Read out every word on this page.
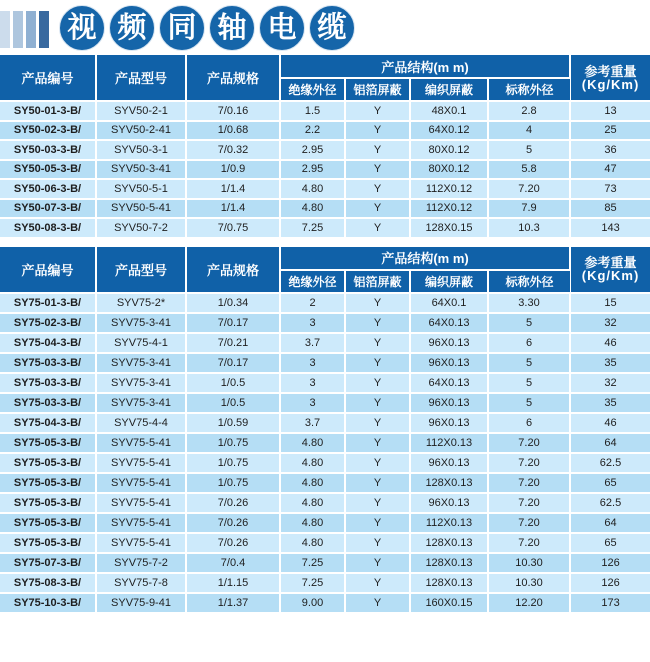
视 频 同 轴 电 缆
产品编号	产品型号	产品规格	产品结构(m m)				参考重量
(Kg/Km)
			绝缘外径	铝箔屏蔽	编织屏蔽	标称外径	
SY50-01-3-B/	SYV50-2-1	7/0.16	1.5	Y	48X0.1	2.8	13
SY50-02-3-B/	SYV50-2-41	1/0.68	2.2	Y	64X0.12	4	25
SY50-03-3-B/	SYV50-3-1	7/0.32	2.95	Y	80X0.12	5	36
SY50-05-3-B/	SYV50-3-41	1/0.9	2.95	Y	80X0.12	5.8	47
SY50-06-3-B/	SYV50-5-1	1/1.4	4.80	Y	112X0.12	7.20	73
SY50-07-3-B/	SYV50-5-41	1/1.4	4.80	Y	112X0.12	7.9	85
SY50-08-3-B/	SYV50-7-2	7/0.75	7.25	Y	128X0.15	10.3	143
产品编号	产品型号	产品规格	产品结构(m m)				参考重量
(Kg/Km)
			绝缘外径	铝箔屏蔽	编织屏蔽	标称外径	
SY75-01-3-B/	SYV75-2*	1/0.34	2	Y	64X0.1	3.30	15
SY75-02-3-B/	SYV75-3-41	7/0.17	3	Y	64X0.13	5	32
SY75-04-3-B/	SYV75-4-1	7/0.21	3.7	Y	96X0.13	6	46
SY75-03-3-B/	SYV75-3-41	7/0.17	3	Y	96X0.13	5	35
SY75-03-3-B/	SYV75-3-41	1/0.5	3	Y	64X0.13	5	32
SY75-03-3-B/	SYV75-3-41	1/0.5	3	Y	96X0.13	5	35
SY75-04-3-B/	SYV75-4-4	1/0.59	3.7	Y	96X0.13	6	46
SY75-05-3-B/	SYV75-5-41	1/0.75	4.80	Y	112X0.13	7.20	64
SY75-05-3-B/	SYV75-5-41	1/0.75	4.80	Y	96X0.13	7.20	62.5
SY75-05-3-B/	SYV75-5-41	1/0.75	4.80	Y	128X0.13	7.20	65
SY75-05-3-B/	SYV75-5-41	7/0.26	4.80	Y	96X0.13	7.20	62.5
SY75-05-3-B/	SYV75-5-41	7/0.26	4.80	Y	112X0.13	7.20	64
SY75-05-3-B/	SYV75-5-41	7/0.26	4.80	Y	128X0.13	7.20	65
SY75-07-3-B/	SYV75-7-2	7/0.4	7.25	Y	128X0.13	10.30	126
SY75-08-3-B/	SYV75-7-8	1/1.15	7.25	Y	128X0.13	10.30	126
SY75-10-3-B/	SYV75-9-41	1/1.37	9.00	Y	160X0.15	12.20	173
